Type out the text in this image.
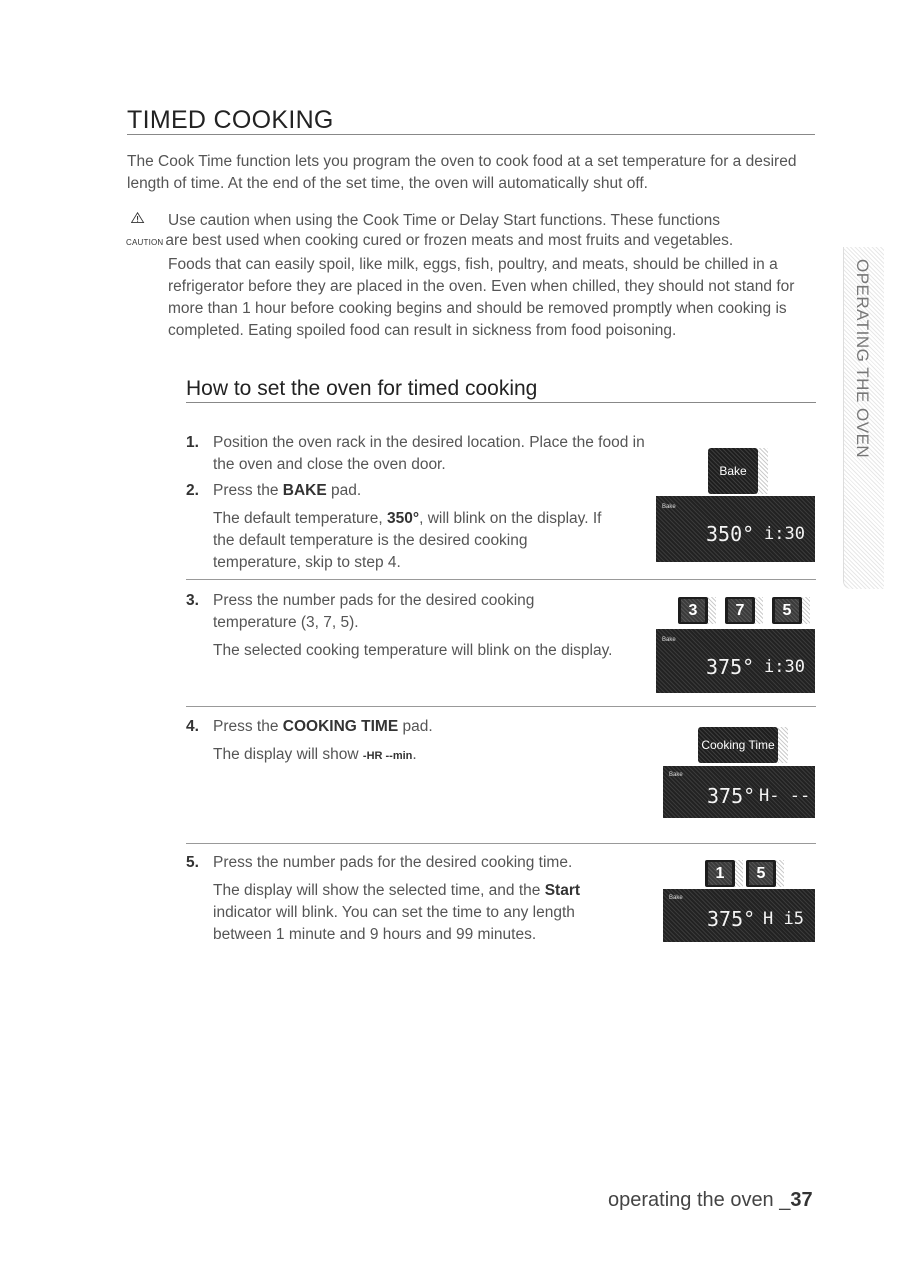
TIMED COOKING
The Cook Time function lets you program the oven to cook food at a set temperature for a desired length of time. At the end of the set time, the oven will automatically shut off.
Use caution when using the Cook Time or Delay Start functions. These functions
CAUTION are best used when cooking cured or frozen meats and most fruits and vegetables.
Foods that can easily spoil, like milk, eggs, fish, poultry, and meats, should be chilled in a refrigerator before they are placed in the oven. Even when chilled, they should not stand for more than 1 hour before cooking begins and should be removed promptly when cooking is completed. Eating spoiled food can result in sickness from food poisoning.
How to set the oven for timed cooking
1. Position the oven rack in the desired location. Place the food in the oven and close the oven door.
2. Press the BAKE pad.
The default temperature, 350°, will blink on the display. If the default temperature is the desired cooking temperature, skip to step 4.
3. Press the number pads for the desired cooking temperature (3, 7, 5).
The selected cooking temperature will blink on the display.
4. Press the COOKING TIME pad.
The display will show -HR --min.
5. Press the number pads for the desired cooking time.
The display will show the selected time, and the Start indicator will blink. You can set the time to any length between 1 minute and 9 hours and 99 minutes.
Bake
Bake
350° i:30
3	7	5
Bake
375° i:30
Cooking Time
Bake
375° H- --
1	5
Bake
375° H i5
OPERATING THE OVEN
operating the oven _37
